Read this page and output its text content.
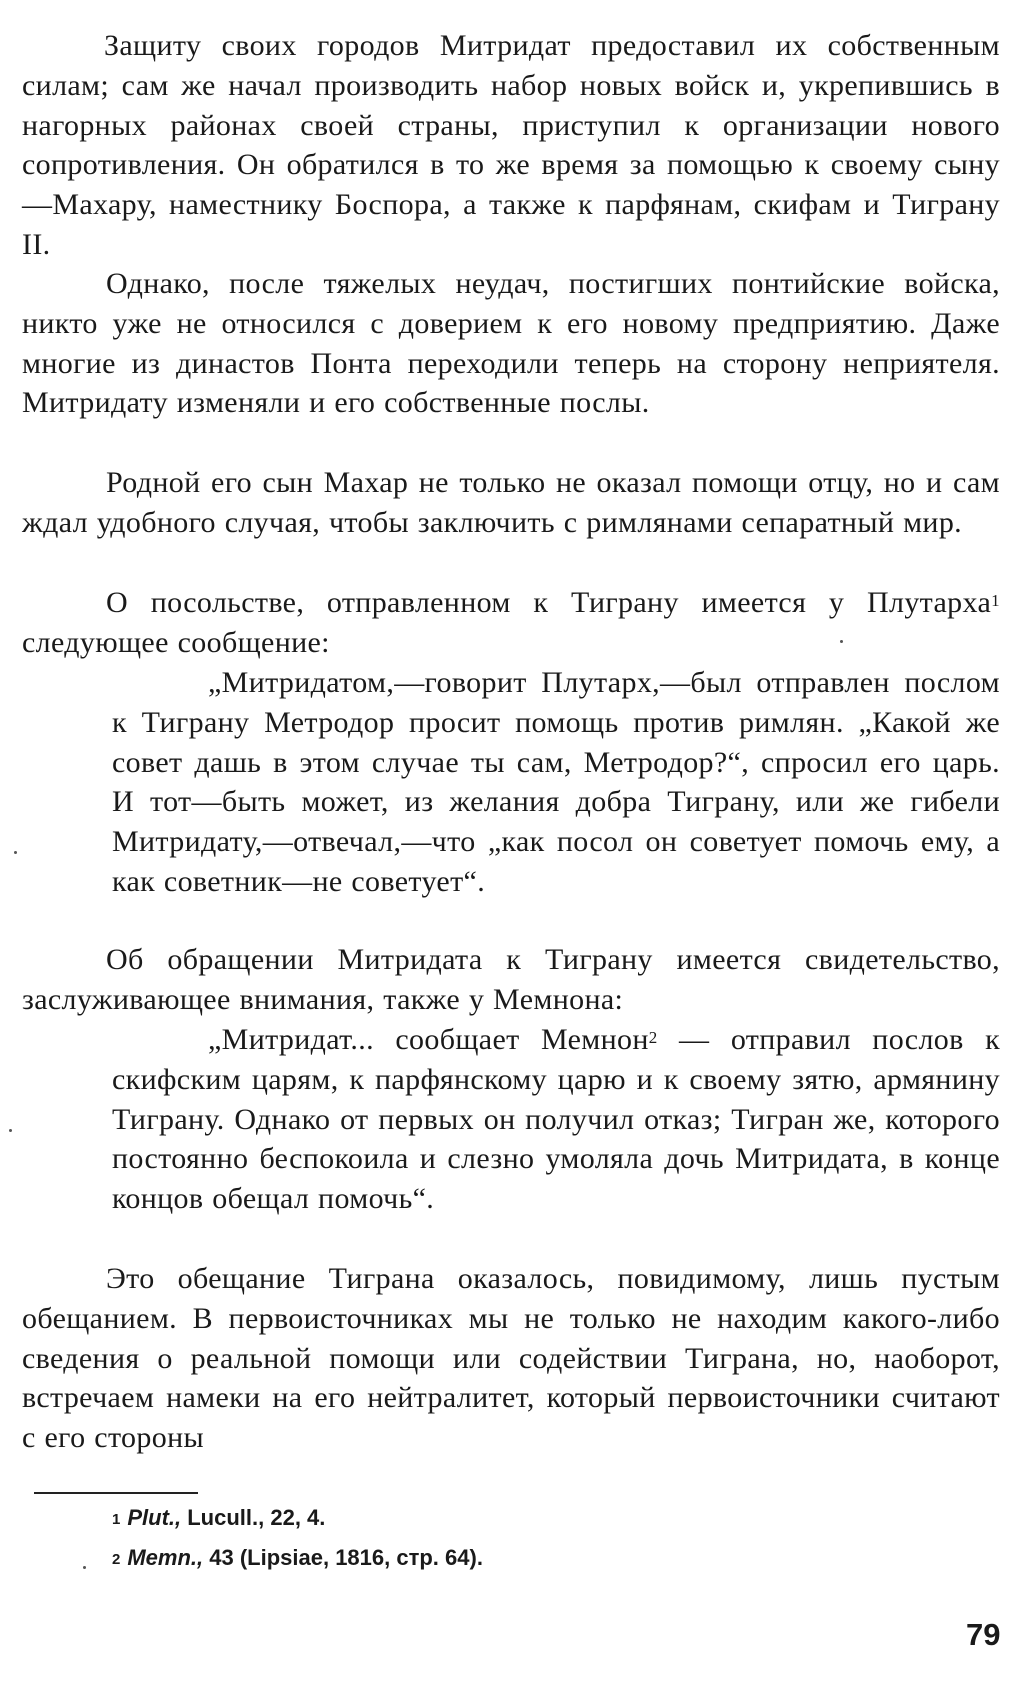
Защиту своих городов Митридат предоставил их собственным силам; сам же начал производить набор новых войск и, укрепившись в нагорных районах своей страны, приступил к организации нового сопротивления. Он обратился в то же время за помощью к своему сыну—Махару, наместнику Боспора, а также к парфянам, скифам и Тиграну II.

Однако, после тяжелых неудач, постигших понтийские войска, никто уже не относился с доверием к его новому предприятию. Даже многие из династов Понта переходили теперь на сторону неприятеля. Митридату изменяли и его собственные послы.

Родной его сын Махар не только не оказал помощи отцу, но и сам ждал удобного случая, чтобы заключить с римлянами сепаратный мир.

О посольстве, отправленном к Тиграну имеется у Плутарха$^1$ следующее сообщение:

„Митридатом,—говорит Плутарх,—был отправлен послом к Тиграну Метродор просит помощь против римлян. „Какой же совет дашь в этом случае ты сам, Метродор?“, спросил его царь. И тот—быть может, из желания добра Тиграну, или же гибели Митридату,—отвечал,—что „как посол он советует помочь ему, а как советник—не советует“.

Об обращении Митридата к Тиграну имеется свидетельство, заслуживающее внимания, также у Мемнона:

„Митридат... сообщает Мемнон$^2$ — отправил послов к скифским царям, к парфянскому царю и к своему зятю, армянину Тиграну. Однако от первых он получил отказ; Тигран же, которого постоянно беспокоила и слезно умоляла дочь Митридата, в конце концов обещал помочь“.

Это обещание Тиграна оказалось, повидимому, лишь пустым обещанием. В первоисточниках мы не только не находим какого-либо сведения о реальной помощи или содействии Тиграна, но, наоборот, встречаем намеки на его нейтралитет, который первоисточники считают с его стороны

$^1$ Plut., Lucull., 22, 4.
$^2$ Memn., 43 (Lipsiae, 1816, стр. 64).
79
